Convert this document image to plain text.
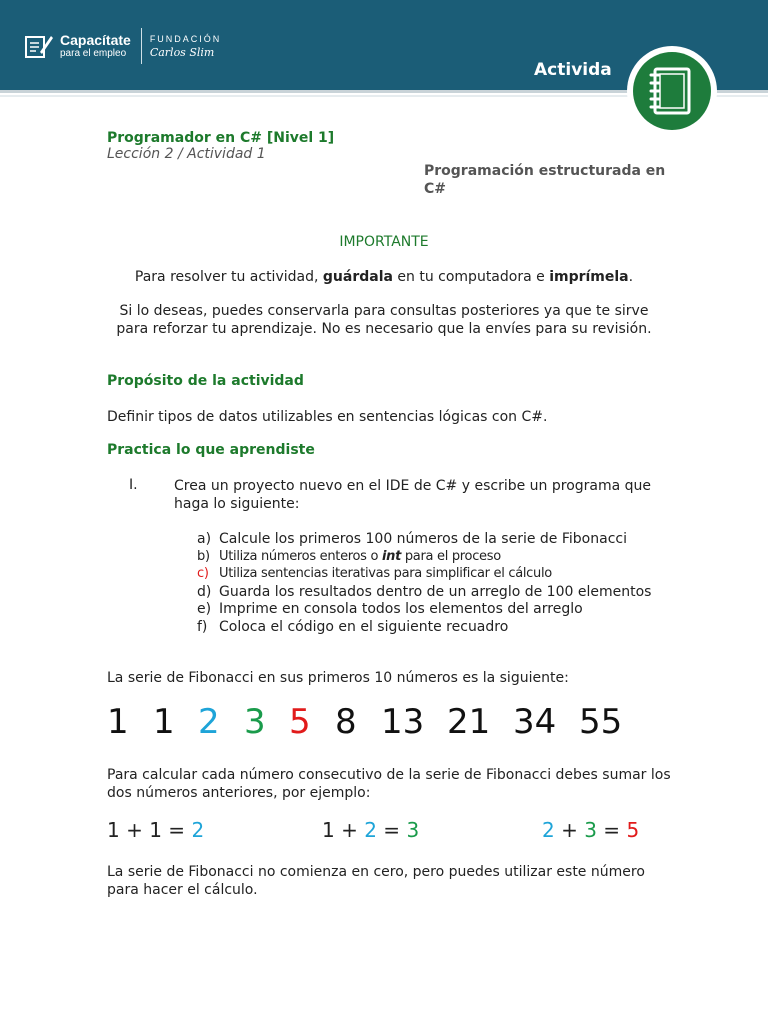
Capacítate
para el empleo
FUNDACIÓN
Carlos Slim
Activida
Programador en C# [Nivel 1]
Lección 2 / Actividad 1
Programación estructurada en C#
IMPORTANTE
Para resolver tu actividad, guárdala en tu computadora e imprímela.
Si lo deseas, puedes conservarla para consultas posteriores ya que te sirve para reforzar tu aprendizaje. No es necesario que la envíes para su revisión.
Propósito de la actividad
Definir tipos de datos utilizables en sentencias lógicas con C#.
Practica lo que aprendiste
I.	Crea un proyecto nuevo en el IDE de C# y escribe un programa que haga lo siguiente:
a) Calcule los primeros 100 números de la serie de Fibonacci
b) Utiliza números enteros o int para el proceso
c) Utiliza sentencias iterativas para simplificar el cálculo
d) Guarda los resultados dentro de un arreglo de 100 elementos
e) Imprime en consola todos los elementos del arreglo
f) Coloca el código en el siguiente recuadro
La serie de Fibonacci en sus primeros 10 números es la siguiente:
1 1 2 3 5 8 13 21 34 55
Para calcular cada número consecutivo de la serie de Fibonacci debes sumar los dos números anteriores, por ejemplo:
1 + 1 = 2	1 + 2 = 3	2 + 3 = 5
La serie de Fibonacci no comienza en cero, pero puedes utilizar este número para hacer el cálculo.
